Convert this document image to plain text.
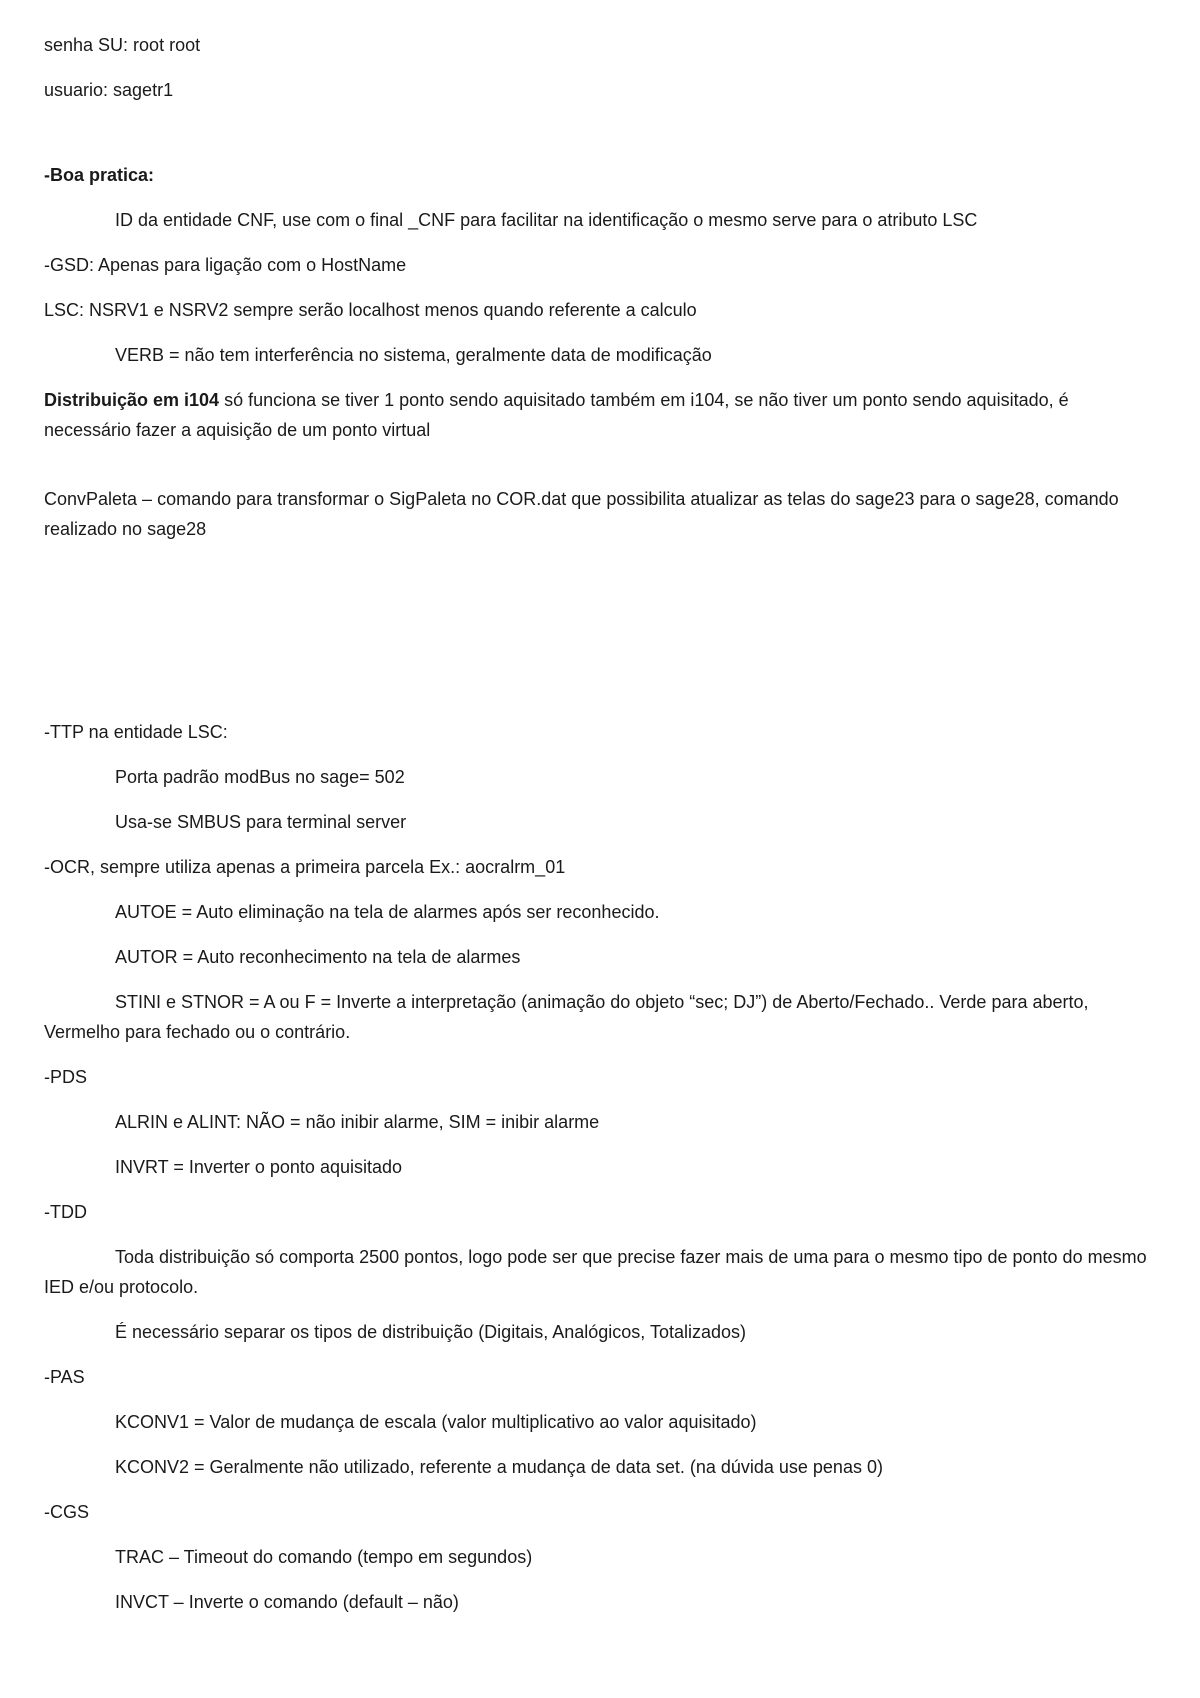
senha SU: root root

usuario: sagetr1

-Boa pratica:

ID da entidade CNF, use com o final _CNF para facilitar na identificação o mesmo serve para o atributo LSC

-GSD: Apenas para ligação com o HostName

LSC: NSRV1 e NSRV2 sempre serão localhost menos quando referente a calculo

VERB = não tem interferência no sistema, geralmente data de modificação

Distribuição em i104 só funciona se tiver 1 ponto sendo aquisitado também em i104, se não tiver um ponto sendo aquisitado, é necessário fazer a aquisição de um ponto virtual

ConvPaleta – comando para transformar o SigPaleta no COR.dat que possibilita atualizar as telas do sage23 para o sage28, comando realizado no sage28

-TTP na entidade LSC:

Porta padrão modBus no sage= 502

Usa-se SMBUS para terminal server

-OCR, sempre utiliza apenas a primeira parcela Ex.: aocralrm_01

AUTOE = Auto eliminação na tela de alarmes após ser reconhecido.

AUTOR = Auto reconhecimento na tela de alarmes

STINI e STNOR = A ou F = Inverte a interpretação (animação do objeto “sec; DJ”) de Aberto/Fechado.. Verde para aberto, Vermelho para fechado ou o contrário.

-PDS

ALRIN e ALINT: NÃO = não inibir alarme, SIM = inibir alarme

INVRT = Inverter o ponto aquisitado

-TDD

Toda distribuição só comporta 2500 pontos, logo pode ser que precise fazer mais de uma para o mesmo tipo de ponto do mesmo IED e/ou protocolo.

É necessário separar os tipos de distribuição (Digitais, Analógicos, Totalizados)

-PAS

KCONV1 = Valor de mudança de escala (valor multiplicativo ao valor aquisitado)

KCONV2 = Geralmente não utilizado, referente a mudança de data set. (na dúvida use penas 0)

-CGS

TRAC – Timeout do comando (tempo em segundos)

INVCT – Inverte o comando (default – não)
